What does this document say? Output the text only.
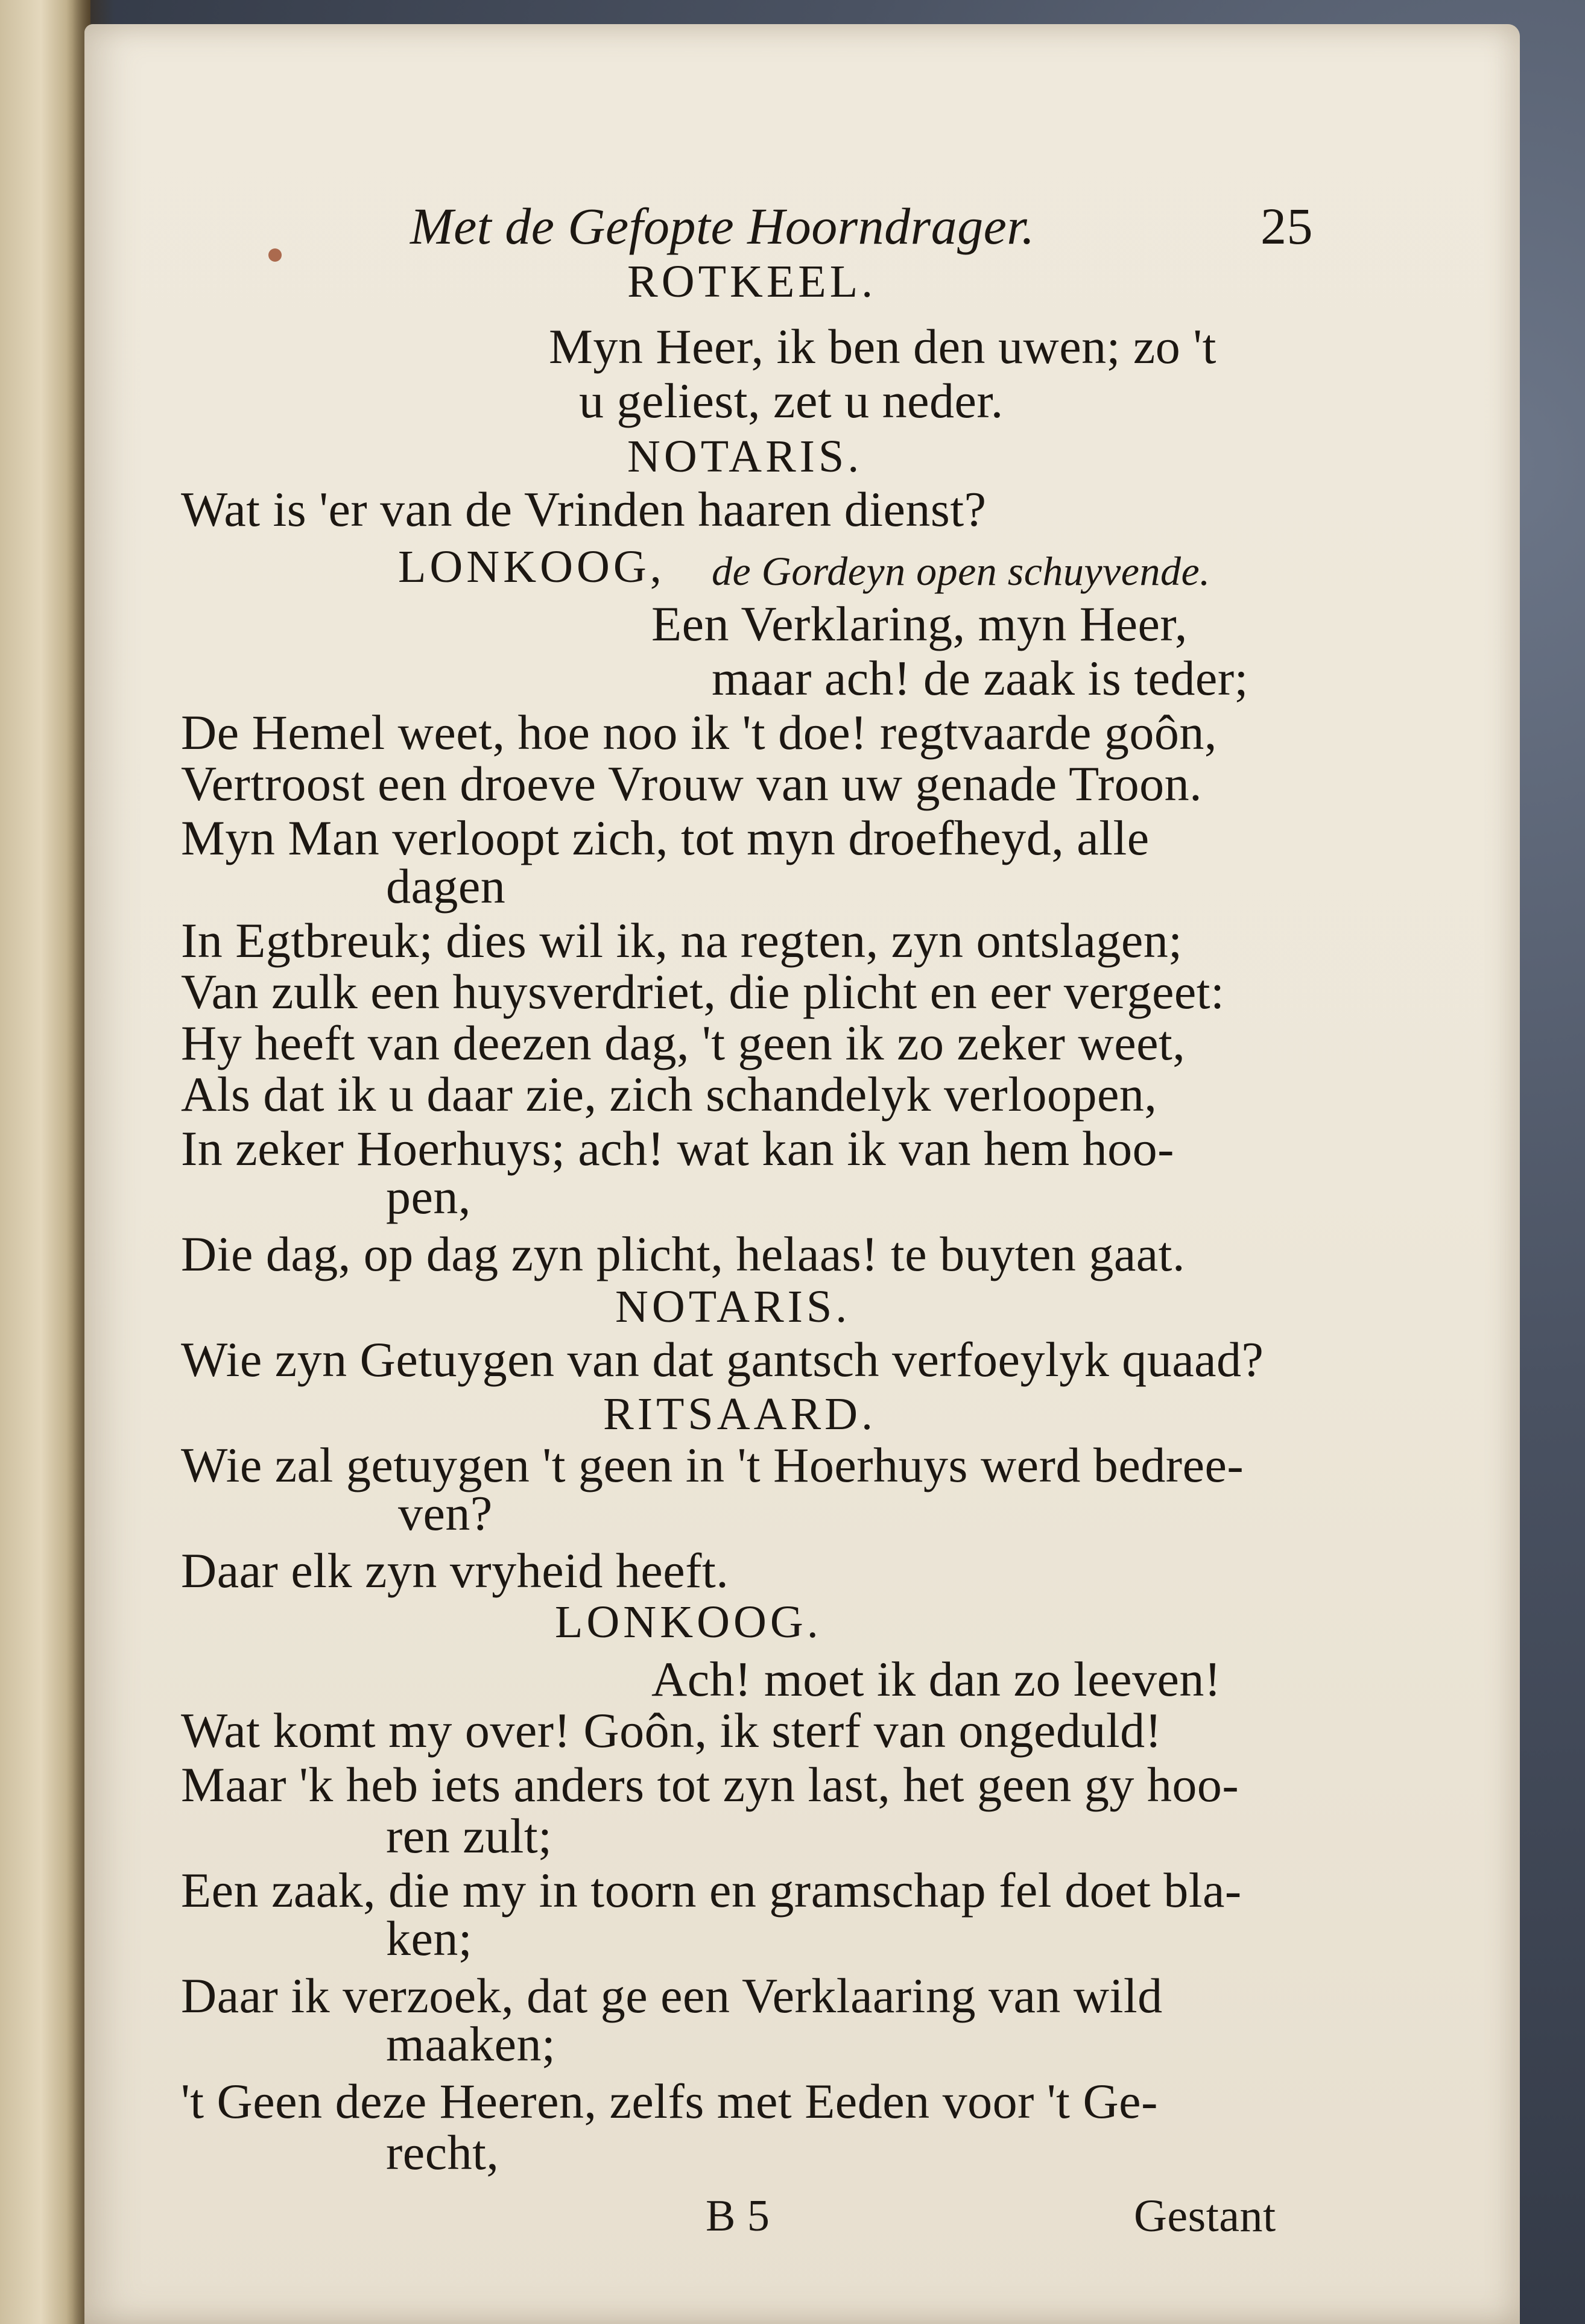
Met de Gefopte Hoorndrager.	25
ROTKEEL.
Myn Heer, ik ben den uwen; zo 't
u geliest, zet u neder.
NOTARIS.
Wat is 'er van de Vrinden haaren dienst?
LONKOOG, de Gordeyn open schuyvende.
Een Verklaring, myn Heer,
maar ach! de zaak is teder;
De Hemel weet, hoe noo ik 't doe! regtvaarde goôn,
Vertroost een droeve Vrouw van uw genade Troon.
Myn Man verloopt zich, tot myn droefheyd, alle
dagen
In Egtbreuk; dies wil ik, na regten, zyn ontslagen;
Van zulk een huysverdriet, die plicht en eer vergeet:
Hy heeft van deezen dag, 't geen ik zo zeker weet,
Als dat ik u daar zie, zich schandelyk verloopen,
In zeker Hoerhuys; ach! wat kan ik van hem hoo-
pen,
Die dag, op dag zyn plicht, helaas! te buyten gaat.
NOTARIS.
Wie zyn Getuygen van dat gantsch verfoeylyk quaad?
RITSAARD.
Wie zal getuygen 't geen in 't Hoerhuys werd bedree-
ven?
Daar elk zyn vryheid heeft.
LONKOOG.
Ach! moet ik dan zo leeven!
Wat komt my over! Goôn, ik sterf van ongeduld!
Maar 'k heb iets anders tot zyn last, het geen gy hoo-
ren zult;
Een zaak, die my in toorn en gramschap fel doet bla-
ken;
Daar ik verzoek, dat ge een Verklaaring van wild
maaken;
't Geen deze Heeren, zelfs met Eeden voor 't Ge-
recht,
B 5	Gestant
